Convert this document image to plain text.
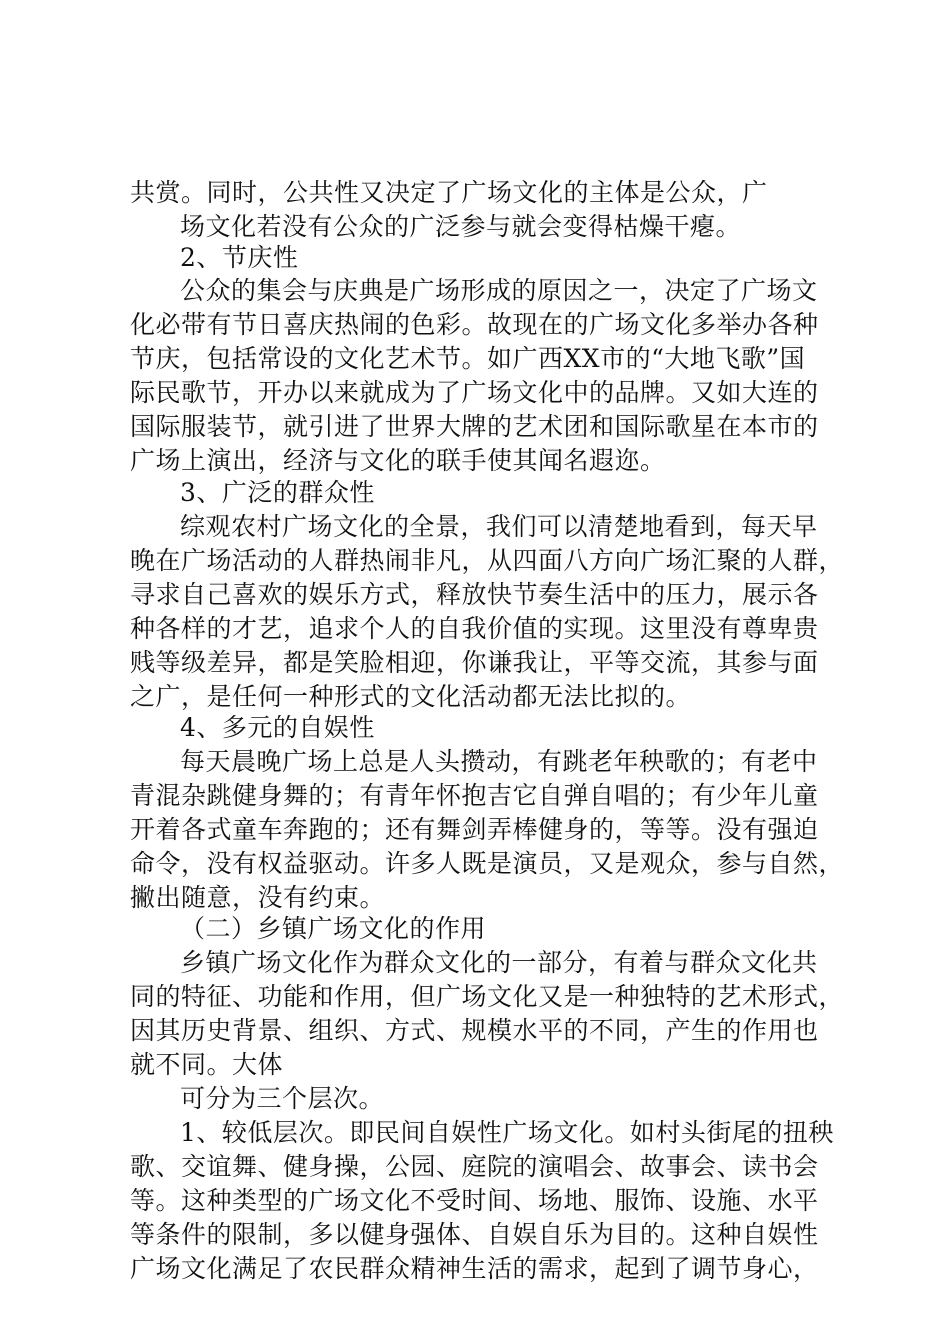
共赏。同时，公共性又决定了广场文化的主体是公众，广
场文化若没有公众的广泛参与就会变得枯燥干瘪。
2、节庆性
公众的集会与庆典是广场形成的原因之一，决定了广场文
化必带有节日喜庆热闹的色彩。故现在的广场文化多举办各种
节庆，包括常设的文化艺术节。如广西XX市的“大地飞歌”国
际民歌节，开办以来就成为了广场文化中的品牌。又如大连的
国际服装节，就引进了世界大牌的艺术团和国际歌星在本市的
广场上演出，经济与文化的联手使其闻名遐迩。
3、广泛的群众性
综观农村广场文化的全景，我们可以清楚地看到，每天早
晚在广场活动的人群热闹非凡，从四面八方向广场汇聚的人群，
寻求自己喜欢的娱乐方式，释放快节奏生活中的压力，展示各
种各样的才艺，追求个人的自我价值的实现。这里没有尊卑贵
贱等级差异，都是笑脸相迎，你谦我让，平等交流，其参与面
之广，是任何一种形式的文化活动都无法比拟的。
4、多元的自娱性
每天晨晚广场上总是人头攒动，有跳老年秧歌的；有老中
青混杂跳健身舞的；有青年怀抱吉它自弹自唱的；有少年儿童
开着各式童车奔跑的；还有舞剑弄棒健身的，等等。没有强迫
命令，没有权益驱动。许多人既是演员，又是观众，参与自然，
撇出随意，没有约束。
（二）乡镇广场文化的作用
乡镇广场文化作为群众文化的一部分，有着与群众文化共
同的特征、功能和作用，但广场文化又是一种独特的艺术形式，
因其历史背景、组织、方式、规模水平的不同，产生的作用也
就不同。大体
可分为三个层次。
1、较低层次。即民间自娱性广场文化。如村头街尾的扭秧
歌、交谊舞、健身操，公园、庭院的演唱会、故事会、读书会
等。这种类型的广场文化不受时间、场地、服饰、设施、水平
等条件的限制，多以健身强体、自娱自乐为目的。这种自娱性
广场文化满足了农民群众精神生活的需求，起到了调节身心，
